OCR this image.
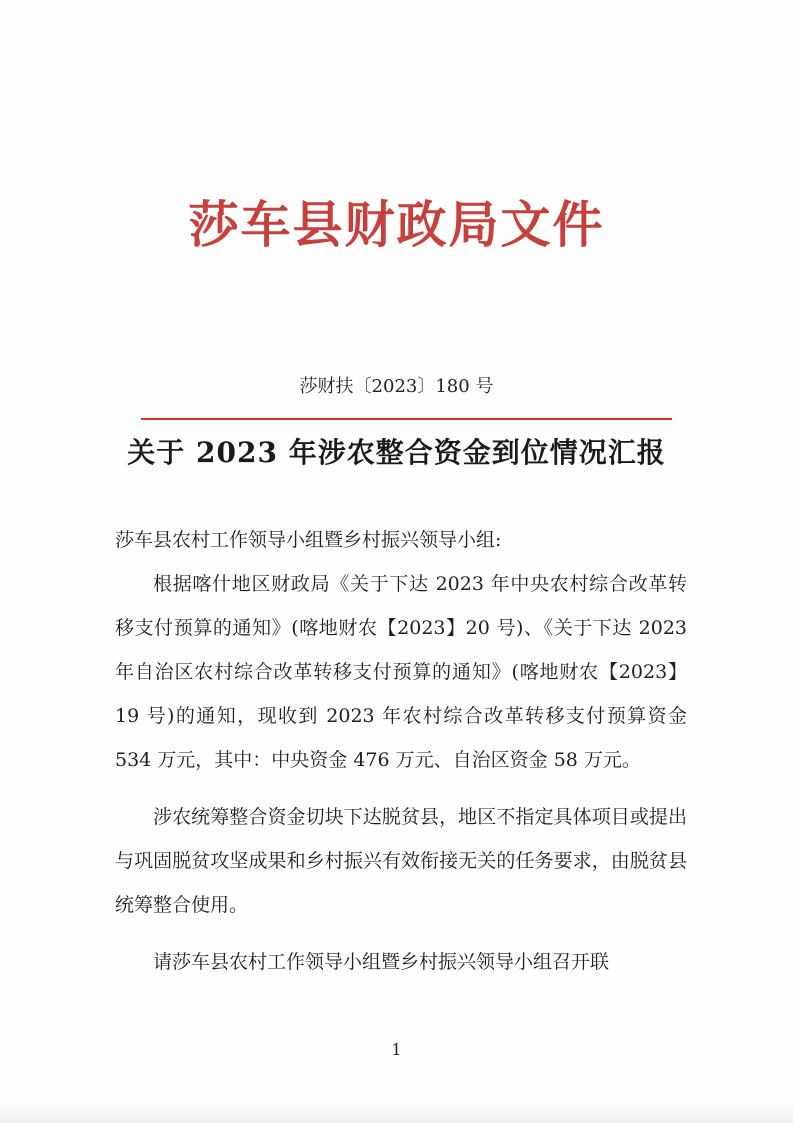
莎车县财政局文件
莎财扶〔2023〕180 号
关于 2023 年涉农整合资金到位情况汇报

莎车县农村工作领导小组暨乡村振兴领导小组:

根据喀什地区财政局《关于下达 2023 年中央农村综合改革转移支付预算的通知》(喀地财农【2023】20 号)、《关于下达 2023 年自治区农村综合改革转移支付预算的通知》(喀地财农【2023】19 号)的通知，现收到 2023 年农村综合改革转移支付预算资金 534 万元，其中：中央资金 476 万元、自治区资金 58 万元。

涉农统筹整合资金切块下达脱贫县，地区不指定具体项目或提出与巩固脱贫攻坚成果和乡村振兴有效衔接无关的任务要求，由脱贫县统筹整合使用。

请莎车县农村工作领导小组暨乡村振兴领导小组召开联

1
